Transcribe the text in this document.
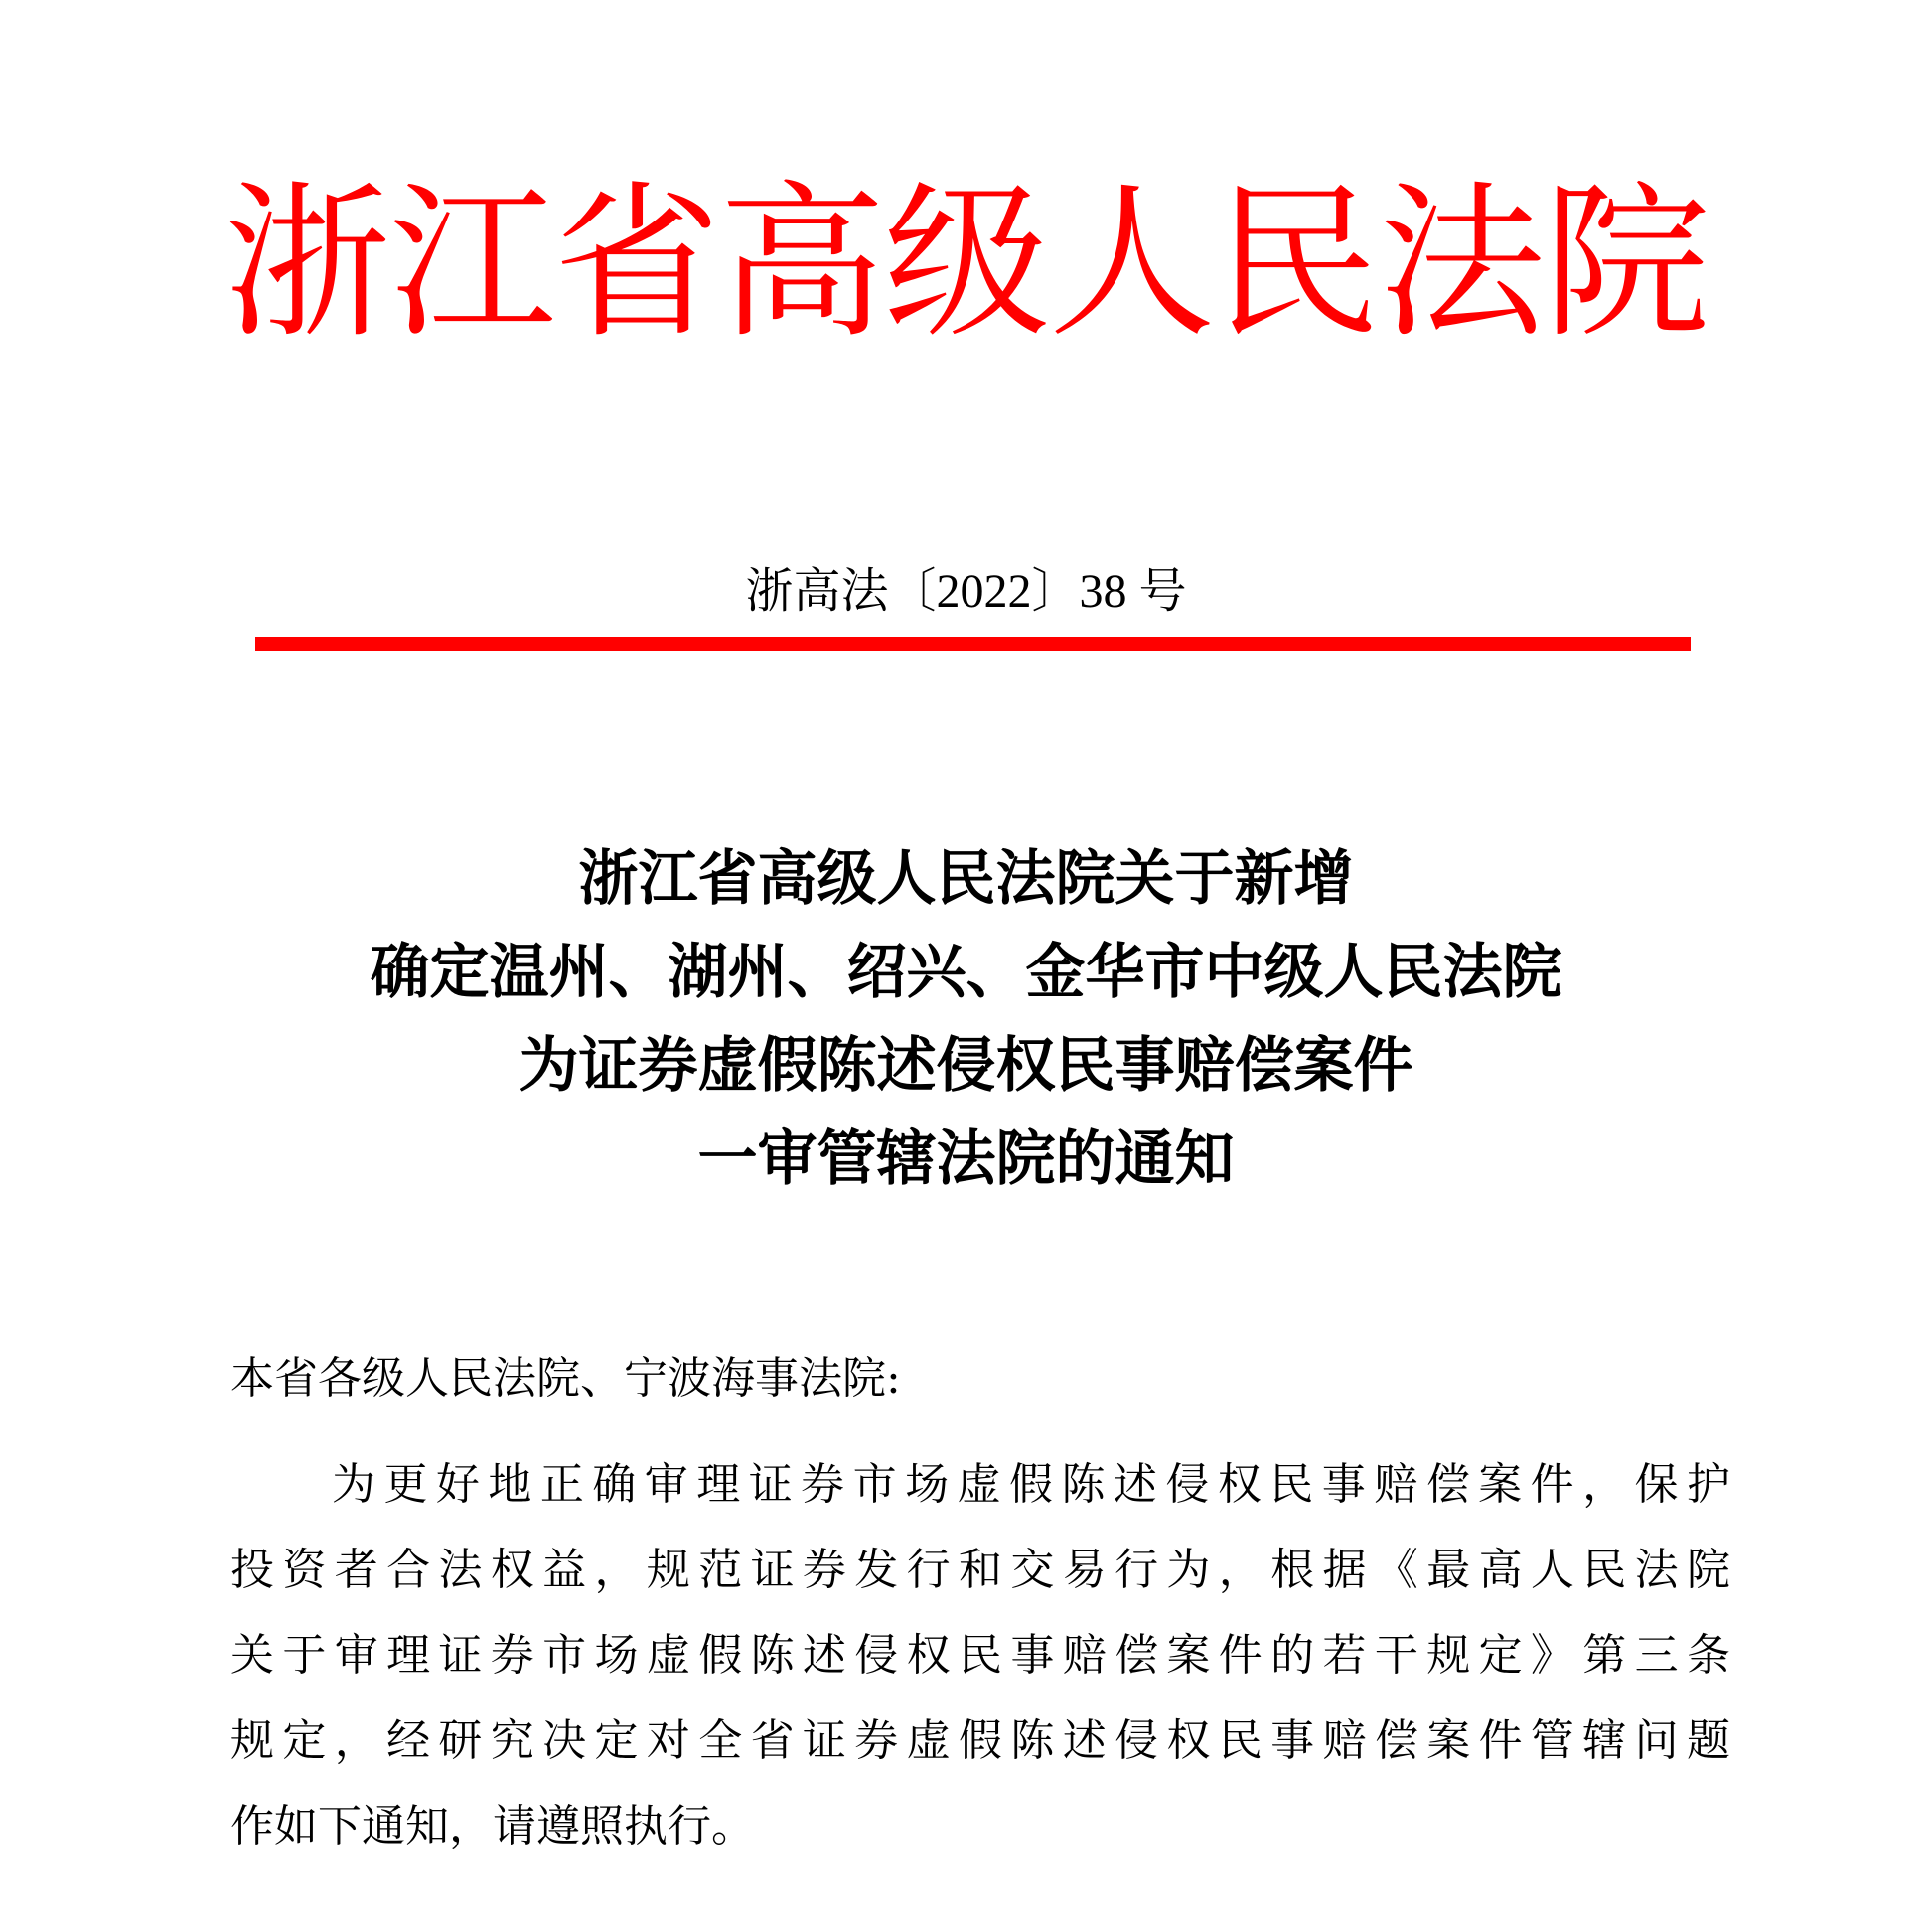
浙江省高级人民法院
浙高法〔2022〕38 号
浙江省高级人民法院关于新增
确定温州、湖州、绍兴、金华市中级人民法院
为证券虚假陈述侵权民事赔偿案件
一审管辖法院的通知
本省各级人民法院、宁波海事法院:
为更好地正确审理证券市场虚假陈述侵权民事赔偿案件，保护
投资者合法权益，规范证券发行和交易行为，根据《最高人民法院
关于审理证券市场虚假陈述侵权民事赔偿案件的若干规定》第三条
规定，经研究决定对全省证券虚假陈述侵权民事赔偿案件管辖问题
作如下通知，请遵照执行。
